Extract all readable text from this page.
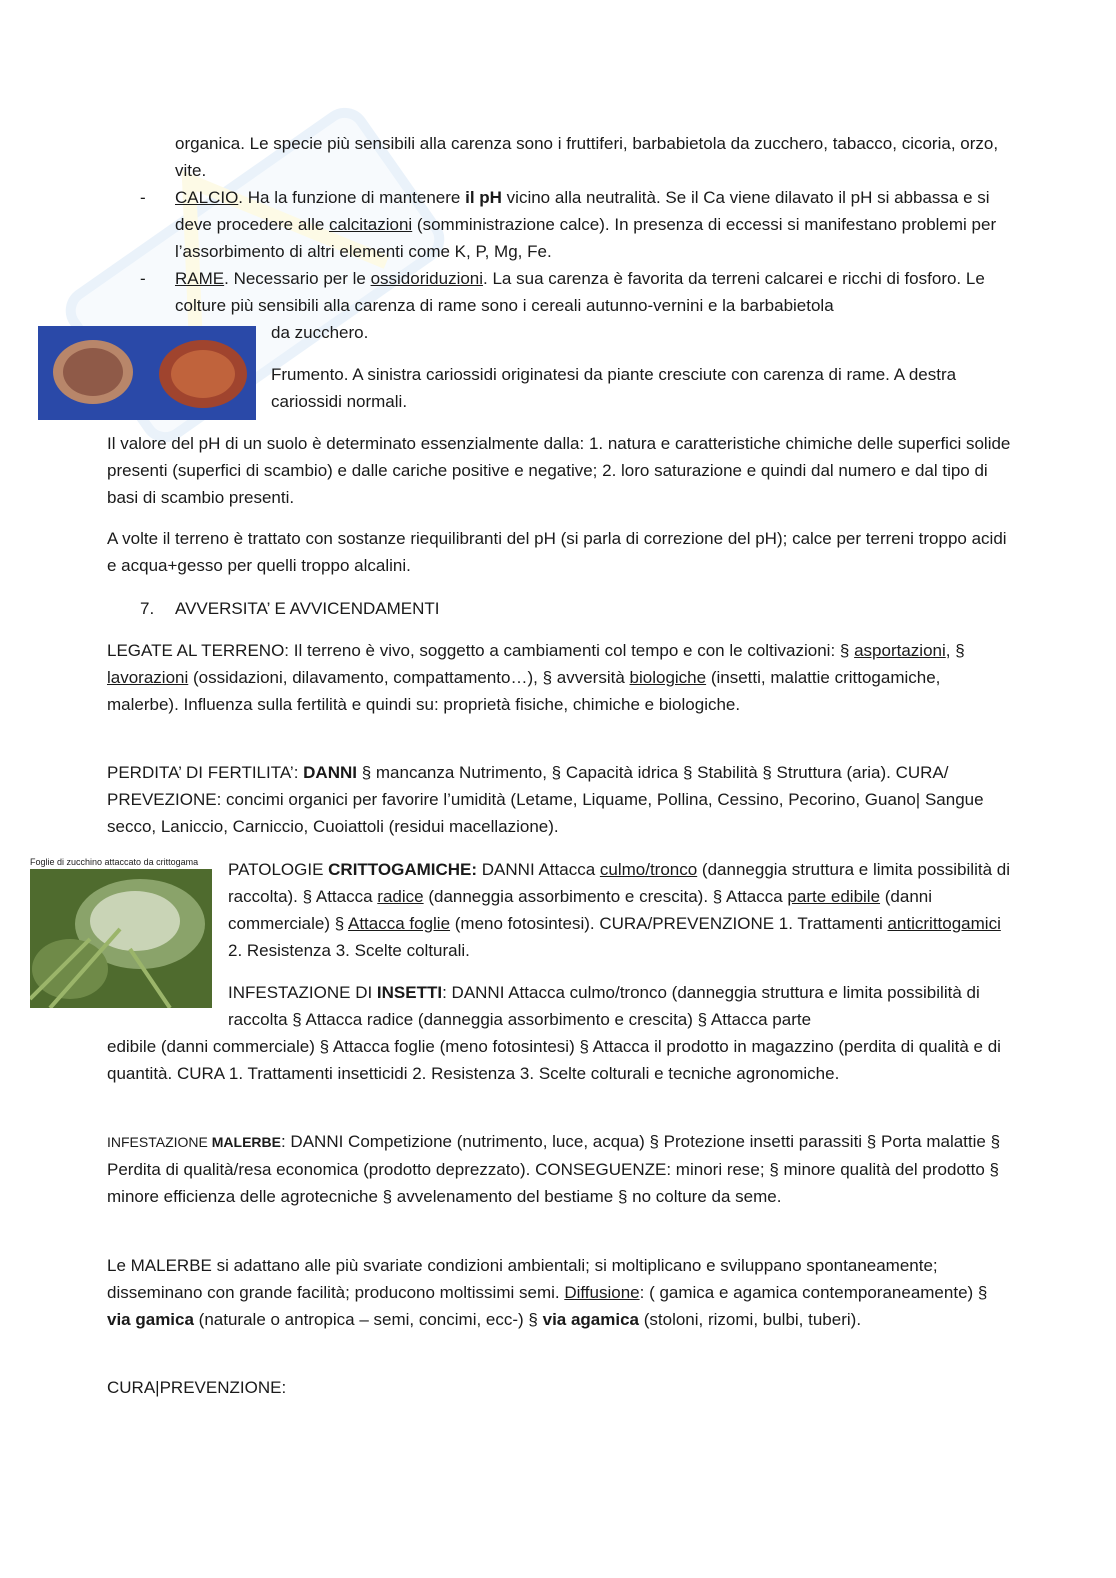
organica. Le specie più sensibili alla carenza sono i fruttiferi, barbabietola da zucchero, tabacco, cicoria, orzo, vite.

- CALCIO. Ha la funzione di mantenere il pH vicino alla neutralità. Se il Ca viene dilavato il pH si abbassa e si deve procedere alle calcitazioni (somministrazione calce). In presenza di eccessi si manifestano problemi per l’assorbimento di altri elementi come K, P, Mg, Fe.

- RAME. Necessario per le ossidoriduzioni. La sua carenza è favorita da terreni calcarei e ricchi di fosforo. Le colture più sensibili alla carenza di rame sono i cereali autunno-vernini e la barbabietola

da zucchero.

Frumento. A sinistra cariossidi originatesi da piante cresciute con carenza di rame. A destra cariossidi normali.

Il valore del pH di un suolo è determinato essenzialmente dalla: 1. natura e caratteristiche chimiche delle superfici solide presenti (superfici di scambio) e dalle cariche positive e negative; 2. loro saturazione e quindi dal numero e dal tipo di basi di scambio presenti.

A volte il terreno è trattato con sostanze riequilibranti del pH (si parla di correzione del pH); calce per terreni troppo acidi e acqua+gesso per quelli troppo alcalini.

7.	AVVERSITA’ E AVVICENDAMENTI

LEGATE AL TERRENO: Il terreno è vivo, soggetto a cambiamenti col tempo e con le coltivazioni: § asportazioni, § lavorazioni (ossidazioni, dilavamento, compattamento…), § avversità biologiche (insetti, malattie crittogamiche, malerbe). Influenza sulla fertilità e quindi su: proprietà fisiche, chimiche e biologiche.

PERDITA’ DI FERTILITA’: DANNI § mancanza Nutrimento, § Capacità idrica § Stabilità § Struttura (aria). CURA/ PREVEZIONE: concimi organici per favorire l’umidità (Letame, Liquame, Pollina, Cessino, Pecorino, Guano| Sangue secco, Laniccio, Carniccio, Cuoiattoli (residui macellazione).

Foglie di zucchino attaccato da crittogama	PATOLOGIE CRITTOGAMICHE: DANNI Attacca culmo/tronco (danneggia struttura e limita possibilità di raccolta). § Attacca radice (danneggia assorbimento e crescita). § Attacca parte edibile (danni commerciale) § Attacca foglie (meno fotosintesi). CURA/PREVENZIONE 1. Trattamenti anticrittogamici 2. Resistenza 3. Scelte colturali.

INFESTAZIONE DI INSETTI: DANNI Attacca culmo/tronco (danneggia struttura e limita possibilità di raccolta § Attacca radice (danneggia assorbimento e crescita) § Attacca parte

edibile (danni commerciale) § Attacca foglie (meno fotosintesi) § Attacca il prodotto in magazzino (perdita di qualità e di quantità. CURA 1. Trattamenti insetticidi 2. Resistenza 3. Scelte colturali e tecniche agronomiche.

INFESTAZIONE MALERBE: DANNI Competizione (nutrimento, luce, acqua) § Protezione insetti parassiti § Porta malattie § Perdita di qualità/resa economica (prodotto deprezzato). CONSEGUENZE: minori rese; § minore qualità del prodotto § minore efficienza delle agrotecniche § avvelenamento del bestiame § no colture da seme.

Le MALERBE si adattano alle più svariate condizioni ambientali; si moltiplicano e sviluppano spontaneamente; disseminano con grande facilità; producono moltissimi semi. Diffusione: ( gamica e agamica contemporaneamente) § via gamica (naturale o antropica – semi, concimi, ecc-) § via agamica (stoloni, rizomi, bulbi, tuberi).

CURA|PREVENZIONE:
